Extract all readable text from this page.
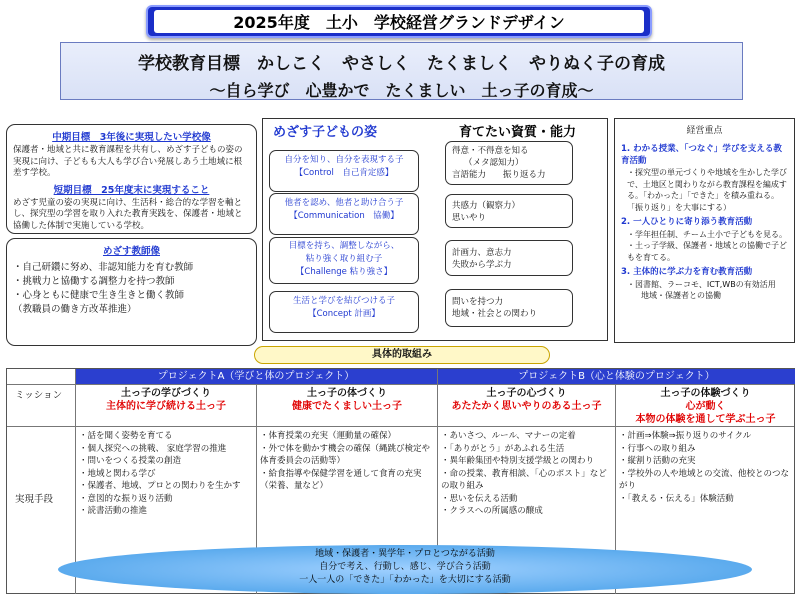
2025年度　土小　学校経営グランドデザイン
学校教育目標　かしこく　やさしく　たくましく　やりぬく子の育成
～自ら学び　心豊かで　たくましい　土っ子の育成～
中期目標　3年後に実現したい学校像
保護者・地域と共に教育課程を共有し、めざす子どもの姿の実現に向け、子どもも大人も学び合い発展しあう土地域に根差す学校。
短期目標　25年度末に実現すること
めざす児童の姿の実現に向け、生活科・総合的な学習を軸とし、探究型の学習を取り入れた教育実践を、保護者・地域と協働した体制で実施している学校。
めざす教師像
・自己研鑽に努め、非認知能力を育む教師
・挑戦力と協働する調整力を持つ教師
・心身ともに健康で生き生きと働く教師
（教職員の働き方改革推進）
めざす子どもの姿	育てたい資質・能力
自分を知り、自分を表現する子
【Control　自己肯定感】
他者を認め、他者と助け合う子
【Communication　協働】
目標を持ち、調整しながら、
粘り強く取り組む子
【Challenge 粘り強さ】
生活と学びを結びつける子
【Concept 計画】
得意・不得意を知る
（メタ認知力）
言語能力　　振り返る力
共感力（観察力）
思いやり
計画力、意志力
失敗から学ぶ力
問いを持つ力
地域・社会との関わり
経営重点
1. わかる授業、「つなぐ」学びを支える教育活動
・探究型の単元づくりや地域を生かした学びで、土地区と関わりながら教育課程を編成する。「わかった」「できた」を積み重ねる。「振り返り」を大事にする）
2. 一人ひとりに寄り添う教育活動
・学年担任制、チーム土小で子どもを見る。
・土っ子学級、保護者・地域との協働で子どもを育てる。
3. 主体的に学ぶ力を育む教育活動
・図書館、ラーコモ、ICT,WBの有効活用
地域・保護者との協働
具体的取組み
プロジェクトA（学びと体のプロジェクト）	プロジェクトB（心と体験のプロジェクト）
ミッション
実現手段
土っ子の学びづくり
主体的に学び続ける土っ子
土っ子の体づくり
健康でたくましい土っ子
土っ子の心づくり
あたたかく思いやりのある土っ子
土っ子の体験づくり
心が動く
本物の体験を通して学ぶ土っ子
・話を聞く姿勢を育てる
・個人探究への挑戦、 家庭学習の推進
・問いをつくる授業の創造
・地域と関わる学び
・保護者、地域、プロとの関わりを生かす
・意図的な振り返り活動
・読書活動の推進
・体育授業の充実（運動量の確保）
・外で体を動かす機会の確保（縄跳び検定や体育委員会の活動等）
・給食指導や保健学習を通して食育の充実（栄養、量など）
・あいさつ、ルール、マナーの定着
・「ありがとう」があふれる生活
・異年齢集団や特別支援学級との関わり
・命の授業、教育相談、「心のポスト」などの取り組み
・思いを伝える活動
・クラスへの所属感の醸成
・計画⇒体験⇒振り返りのサイクル
・行事への取り組み
・縦割り活動の充実
・学校外の人や地域との交流、他校とのつながり
・「教える・伝える」体験活動
地域・保護者・異学年・プロとつながる活動
自分で考え、行動し、感じ、学び合う活動
一人一人の「できた」「わかった」を大切にする活動
